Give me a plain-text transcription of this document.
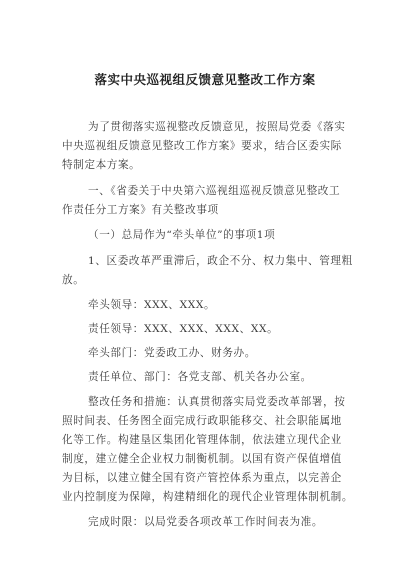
落实中央巡视组反馈意见整改工作方案
为了贯彻落实巡视整改反馈意见，按照局党委《落实
中央巡视组反馈意见整改工作方案》要求，结合区委实际
特制定本方案。
一、《省委关于中央第六巡视组巡视反馈意见整改工
作责任分工方案》有关整改事项
（一）总局作为“牵头单位”的事项1项
1、区委改革严重滞后，政企不分、权力集中、管理粗
放。
牵头领导：XXX、XXX。
责任领导：XXX、XXX、XXX、XX。
牵头部门：党委政工办、财务办。
责任单位、部门：各党支部、机关各办公室。
整改任务和措施：认真贯彻落实局党委改革部署，按
照时间表、任务图全面完成行政职能移交、社会职能属地
化等工作。构建垦区集团化管理体制，依法建立现代企业
制度，建立健全企业权力制衡机制。以国有资产保值增值
为目标，以建立健全国有资产管控体系为重点，以完善企
业内控制度为保障，构建精细化的现代企业管理体制机制。
完成时限：以局党委各项改革工作时间表为准。
